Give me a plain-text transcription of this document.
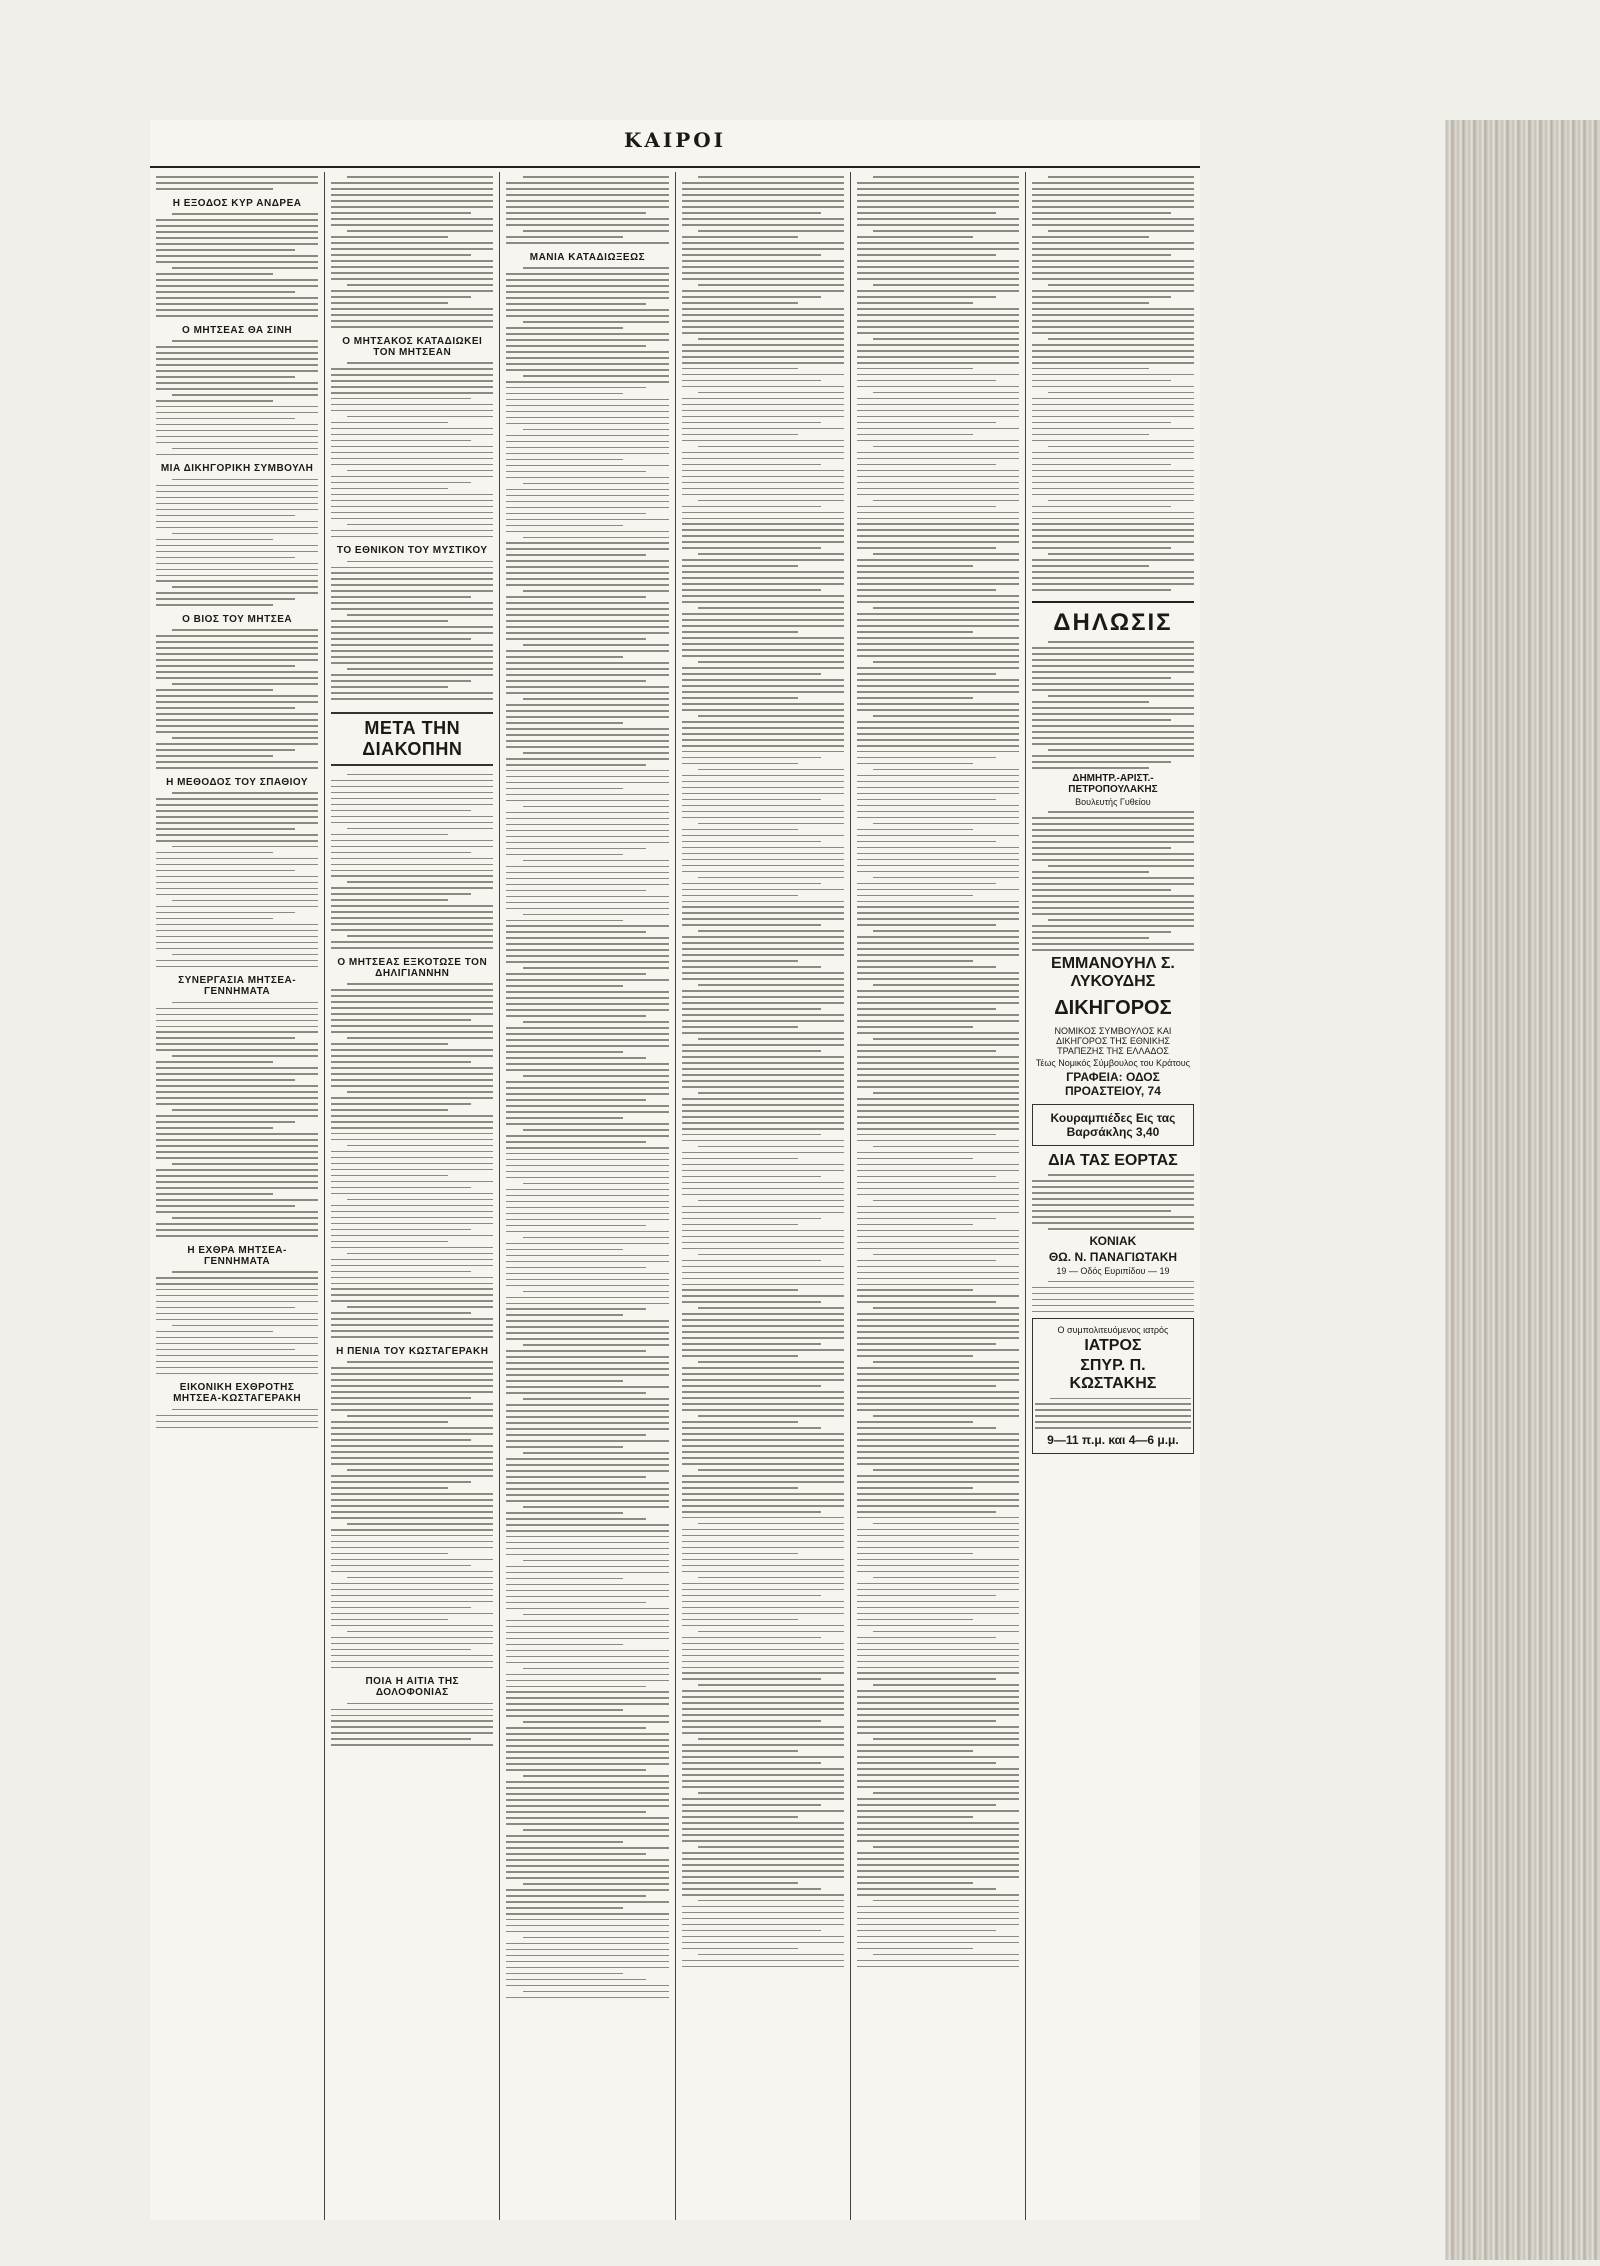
ΚΑΙΡΟΙ
Η ΕΞΟΔΟΣ ΚΥΡ ΑΝΔΡΕΑ
Ο ΜΗΤΣΕΑΣ ΘΑ ΣΙΝΗ
ΜΙΑ ΔΙΚΗΓΟΡΙΚΗ ΣΥΜΒΟΥΛΗ
Ο ΒΙΟΣ ΤΟΥ ΜΗΤΣΕΑ
Η ΜΕΘΟΔΟΣ ΤΟΥ ΣΠΑΘΙΟΥ
ΣΥΝΕΡΓΑΣΙΑ ΜΗΤΣΕΑ-ΓΕΝΝΗΜΑΤΑ
Η ΕΧΘΡΑ ΜΗΤΣΕΑ-ΓΕΝΝΗΜΑΤΑ
ΕΙΚΟΝΙΚΗ ΕΧΘΡΟΤΗΣ ΜΗΤΣΕΑ-ΚΩΣΤΑΓΕΡΑΚΗ
Ο ΜΗΤΣΑΚΟΣ ΚΑΤΑΔΙΩΚΕΙ ΤΟΝ ΜΗΤΣΕΑΝ
ΤΟ ΕΘΝΙΚΟΝ ΤΟΥ ΜΥΣΤΙΚΟΥ
ΜΕΤΑ ΤΗΝ ΔΙΑΚΟΠΗΝ
Ο ΜΗΤΣΕΑΣ ΕΞΚΟΤΩΣΕ ΤΟΝ ΔΗΛΙΓΙΑΝΝΗΝ
Η ΠΕΝΙΑ ΤΟΥ ΚΩΣΤΑΓΕΡΑΚΗ
ΠΟΙΑ Η ΑΙΤΙΑ ΤΗΣ ΔΟΛΟΦΟΝΙΑΣ
ΜΑΝΙΑ ΚΑΤΑΔΙΩΞΕΩΣ
ΔΗΛΩΣΙΣ
ΔΗΜΗΤΡ.-ΑΡΙΣΤ.-ΠΕΤΡΟΠΟΥΛΑΚΗΣ
Βουλευτής Γυθείου
ΕΜΜΑΝΟΥΗΛ Σ. ΛΥΚΟΥΔΗΣ
ΔΙΚΗΓΟΡΟΣ
ΝΟΜΙΚΟΣ ΣΥΜΒΟΥΛΟΣ ΚΑΙ ΔΙΚΗΓΟΡΟΣ ΤΗΣ ΕΘΝΙΚΗΣ ΤΡΑΠΕΖΗΣ ΤΗΣ ΕΛΛΑΔΟΣ
Τέως Νομικός Σύμβουλος του Κράτους
ΓΡΑΦΕΙΑ: ΟΔΟΣ ΠΡΟΑΣΤΕΙΟΥ, 74
Κουραμπιέδες Εις τας Βαρσάκλης 3,40
ΔΙΑ ΤΑΣ ΕΟΡΤΑΣ
ΚΟΝΙΑΚ
ΘΩ. Ν. ΠΑΝΑΓΙΩΤΑΚΗ
19 — Οδός Ευριπίδου — 19
Ο συμπολιτευόμενος ιατρός
ΙΑΤΡΟΣ
ΣΠΥΡ. Π. ΚΩΣΤΑΚΗΣ
9—11 π.μ. και 4—6 μ.μ.
